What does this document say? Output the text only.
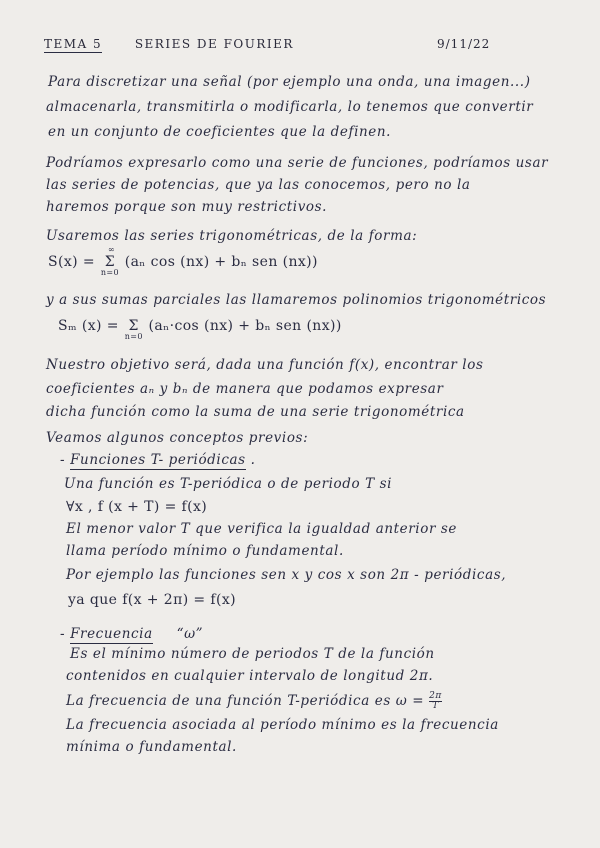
TEMA 5	SERIES DE FOURIER	9/11/22
Para discretizar una señal (por ejemplo una onda, una imagen...)
almacenarla, transmitirla o modificarla, lo tenemos que convertir
en un conjunto de coeficientes que la definen.
Podríamos expresarlo como una serie de funciones, podríamos usar
las series de potencias, que ya las conocemos, pero no la
haremos porque son muy restrictivos.
Usaremos las series trigonométricas, de la forma:
S(x) =
∞
Σ
n=0
(aₙ cos (nx) + bₙ sen (nx))
y a sus sumas parciales las llamaremos polinomios trigonométricos
Sₘ (x) = Σ
n=0
(aₙ·cos (nx) + bₙ sen (nx))
Nuestro objetivo será, dada una función f(x), encontrar los
coeficientes aₙ y bₙ de manera que podamos expresar
dicha función como la suma de una serie trigonométrica
Veamos algunos conceptos previos:
- Funciones T- periódicas .
Una función es T-periódica o de periodo T si
∀x , f (x + T) = f(x)
El menor valor T que verifica la igualdad anterior se
llama período mínimo o fundamental.
Por ejemplo las funciones sen x y cos x son 2π - periódicas,
ya que f(x + 2π) = f(x)
- Frecuencia “ω”
Es el mínimo número de periodos T de la función
contenidos en cualquier intervalo de longitud 2π.
La frecuencia de una función T-periódica es $\omega = \frac{2\pi}{T}$
La frecuencia asociada al período mínimo es la frecuencia
mínima o fundamental.
